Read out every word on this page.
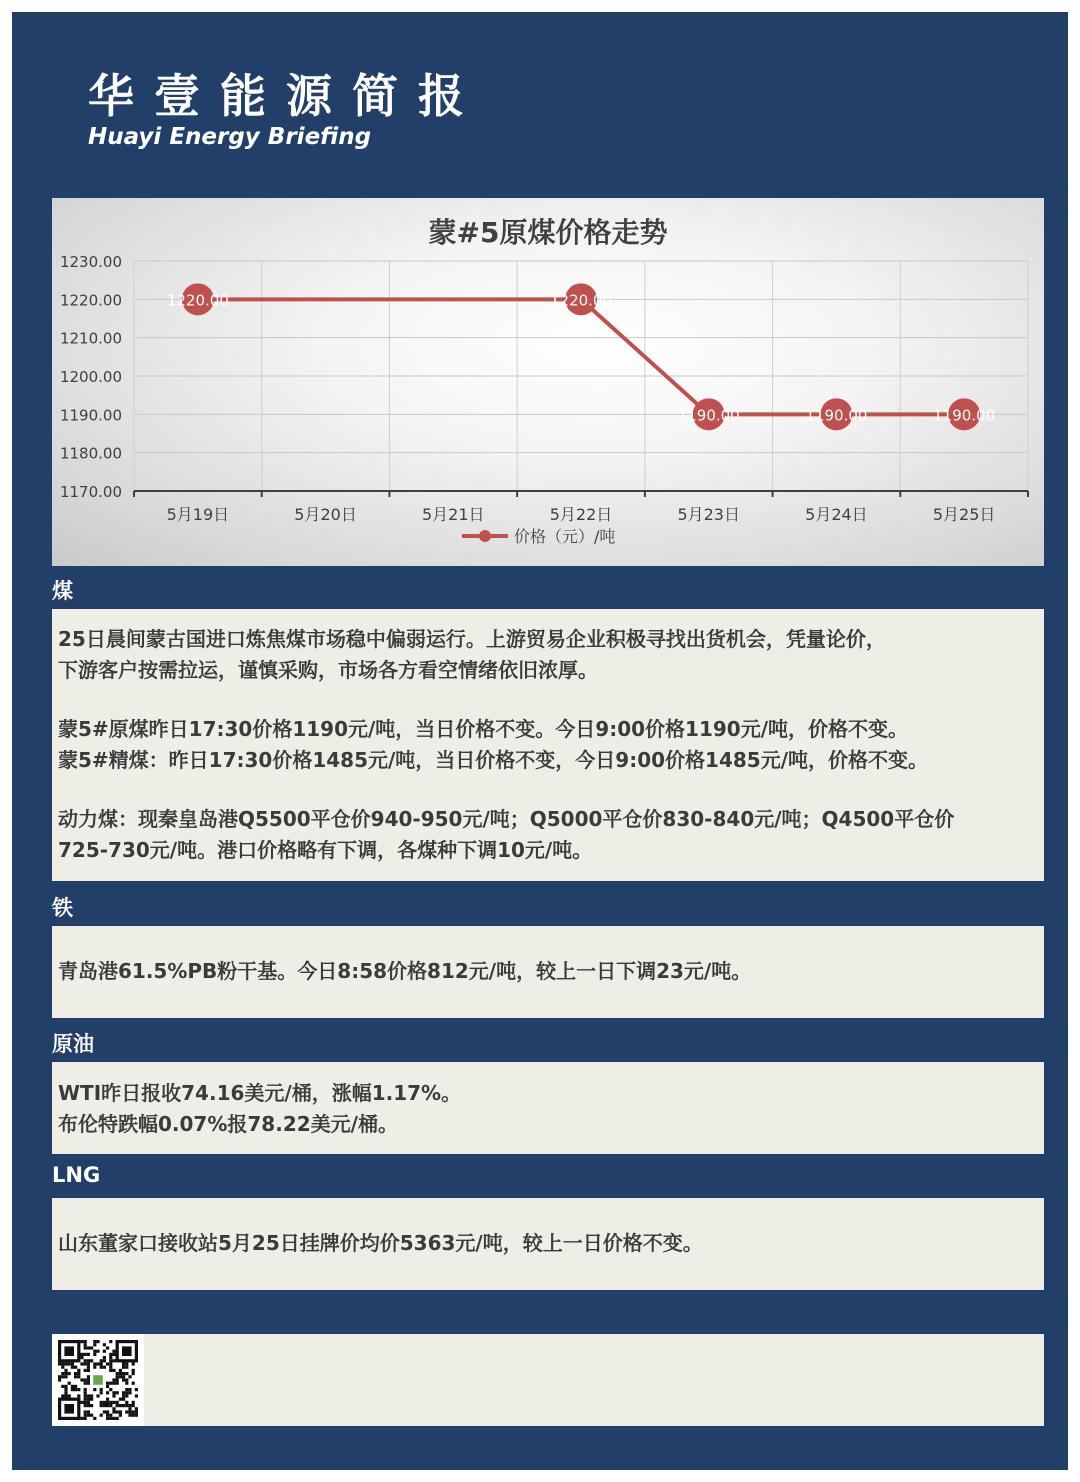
华壹能源简报
Huayi Energy Briefing
蒙#5原煤价格走势
1170.00
1180.00
1190.00
1200.00
1210.00
1220.00
1230.00
5月19日	5月20日	5月21日	5月22日	5月23日	5月24日	5月25日
1220.00	1220.00
1190.00	1190.00	1190.00
价格（元）/吨
煤
25日晨间蒙古国进口炼焦煤市场稳中偏弱运行。上游贸易企业积极寻找出货机会，凭量论价，
下游客户按需拉运，谨慎采购，市场各方看空情绪依旧浓厚。
蒙5#原煤昨日17:30价格1190元/吨，当日价格不变。今日9:00价格1190元/吨，价格不变。
蒙5#精煤：昨日17:30价格1485元/吨，当日价格不变，今日9:00价格1485元/吨，价格不变。
动力煤：现秦皇岛港Q5500平仓价940-950元/吨；Q5000平仓价830-840元/吨；Q4500平仓价
725-730元/吨。港口价格略有下调，各煤种下调10元/吨。
铁
青岛港61.5%PB粉干基。今日8:58价格812元/吨，较上一日下调23元/吨。
原油
WTI昨日报收74.16美元/桶，涨幅1.17%。
布伦特跌幅0.07%报78.22美元/桶。
LNG
山东董家口接收站5月25日挂牌价均价5363元/吨，较上一日价格不变。
